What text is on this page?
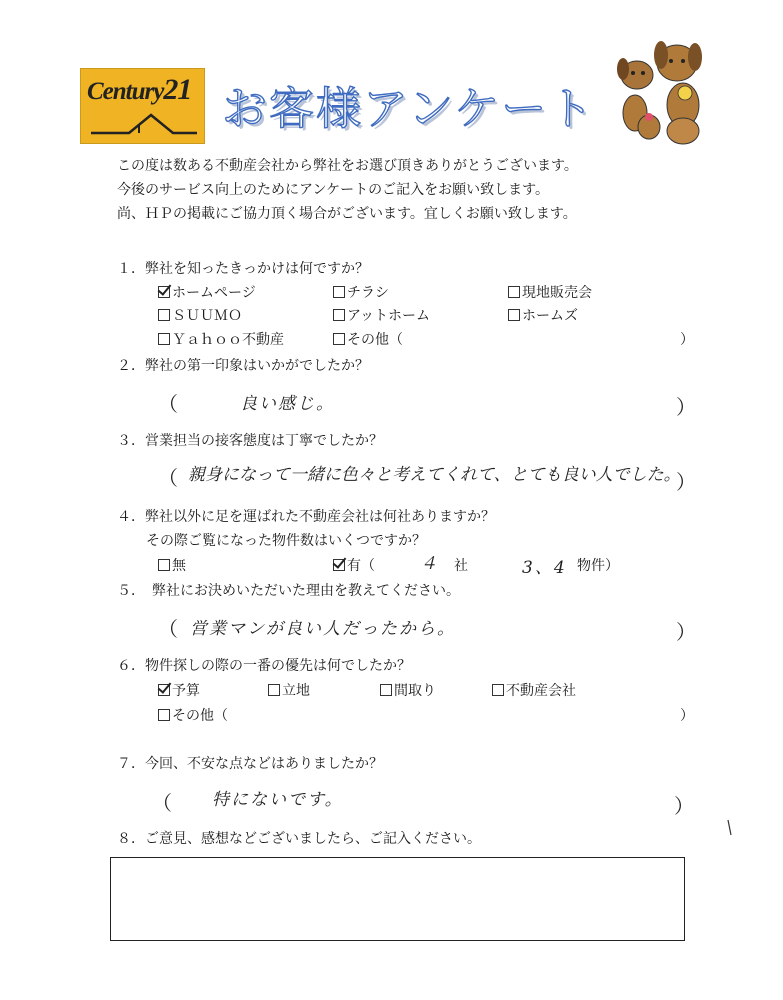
Century21 お客様アンケート
この度は数ある不動産会社から弊社をお選び頂きありがとうございます。
今後のサービス向上のためにアンケートのご記入をお願い致します。
尚、ＨＰの掲載にご協力頂く場合がございます。宜しくお願い致します。
１．弊社を知ったきっかけは何ですか？
ホームページ	チラシ	現地販売会
ＳＵＵＭＯ	アットホーム	ホームズ
Ｙａｈｏｏ不動産	その他（	）
２．弊社の第一印象はいかがでしたか？
（	良い感じ。	）
３．営業担当の接客態度は丁寧でしたか？
（ 親身になって一緒に色々と考えてくれて、とても良い人でした。
）
４．弊社以外に足を運ばれた不動産会社は何社ありますか？
その際ご覧になった物件数はいくつですか？
無	有（	４ 社	3、4 物件）
５．　弊社にお決めいただいた理由を教えてください。
（ 営業マンが良い人だったから。	）
６．物件探しの際の一番の優先は何でしたか？
予算	立地	間取り	不動産会社
その他（	）
７．今回、不安な点などはありましたか？
（ 特にないです。	）
８．ご意見、感想などございましたら、ご記入ください。
